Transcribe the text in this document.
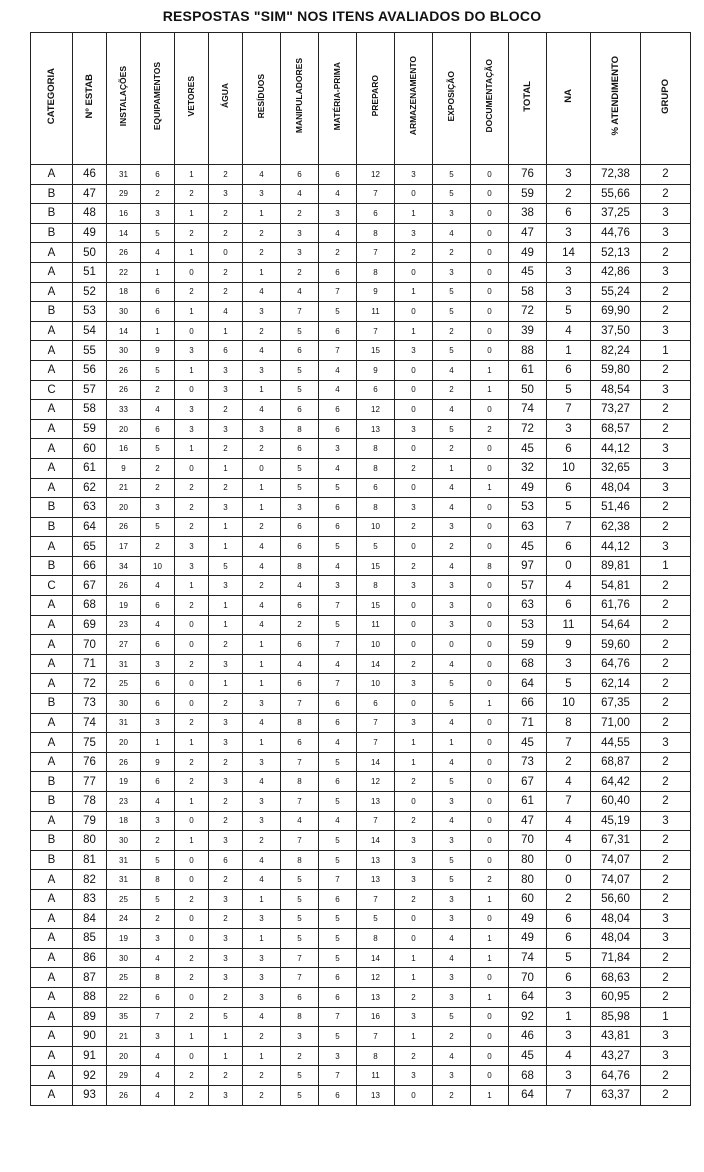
RESPOSTAS "SIM" NOS ITENS AVALIADOS DO BLOCO
CATEGORIA	Nº ESTAB	INSTALAÇÕES	EQUIPAMENTOS	VETORES	ÁGUA	RESÍDUOS	MANIPULADORES	MATÉRIA-PRIMA	PREPARO	ARMAZENAMENTO	EXPOSIÇÃO	DOCUMENTAÇÃO	TOTAL	NA	% ATENDIMENTO	GRUPO
A	46	31	6	1	2	4	6	6	12	3	5	0	76	3	72,38	2
B	47	29	2	2	3	3	4	4	7	0	5	0	59	2	55,66	2
B	48	16	3	1	2	1	2	3	6	1	3	0	38	6	37,25	3
B	49	14	5	2	2	2	3	4	8	3	4	0	47	3	44,76	3
A	50	26	4	1	0	2	3	2	7	2	2	0	49	14	52,13	2
A	51	22	1	0	2	1	2	6	8	0	3	0	45	3	42,86	3
A	52	18	6	2	2	4	4	7	9	1	5	0	58	3	55,24	2
B	53	30	6	1	4	3	7	5	11	0	5	0	72	5	69,90	2
A	54	14	1	0	1	2	5	6	7	1	2	0	39	4	37,50	3
A	55	30	9	3	6	4	6	7	15	3	5	0	88	1	82,24	1
A	56	26	5	1	3	3	5	4	9	0	4	1	61	6	59,80	2
C	57	26	2	0	3	1	5	4	6	0	2	1	50	5	48,54	3
A	58	33	4	3	2	4	6	6	12	0	4	0	74	7	73,27	2
A	59	20	6	3	3	3	8	6	13	3	5	2	72	3	68,57	2
A	60	16	5	1	2	2	6	3	8	0	2	0	45	6	44,12	3
A	61	9	2	0	1	0	5	4	8	2	1	0	32	10	32,65	3
A	62	21	2	2	2	1	5	5	6	0	4	1	49	6	48,04	3
B	63	20	3	2	3	1	3	6	8	3	4	0	53	5	51,46	2
B	64	26	5	2	1	2	6	6	10	2	3	0	63	7	62,38	2
A	65	17	2	3	1	4	6	5	5	0	2	0	45	6	44,12	3
B	66	34	10	3	5	4	8	4	15	2	4	8	97	0	89,81	1
C	67	26	4	1	3	2	4	3	8	3	3	0	57	4	54,81	2
A	68	19	6	2	1	4	6	7	15	0	3	0	63	6	61,76	2
A	69	23	4	0	1	4	2	5	11	0	3	0	53	11	54,64	2
A	70	27	6	0	2	1	6	7	10	0	0	0	59	9	59,60	2
A	71	31	3	2	3	1	4	4	14	2	4	0	68	3	64,76	2
A	72	25	6	0	1	1	6	7	10	3	5	0	64	5	62,14	2
B	73	30	6	0	2	3	7	6	6	0	5	1	66	10	67,35	2
A	74	31	3	2	3	4	8	6	7	3	4	0	71	8	71,00	2
A	75	20	1	1	3	1	6	4	7	1	1	0	45	7	44,55	3
A	76	26	9	2	2	3	7	5	14	1	4	0	73	2	68,87	2
B	77	19	6	2	3	4	8	6	12	2	5	0	67	4	64,42	2
B	78	23	4	1	2	3	7	5	13	0	3	0	61	7	60,40	2
A	79	18	3	0	2	3	4	4	7	2	4	0	47	4	45,19	3
B	80	30	2	1	3	2	7	5	14	3	3	0	70	4	67,31	2
B	81	31	5	0	6	4	8	5	13	3	5	0	80	0	74,07	2
A	82	31	8	0	2	4	5	7	13	3	5	2	80	0	74,07	2
A	83	25	5	2	3	1	5	6	7	2	3	1	60	2	56,60	2
A	84	24	2	0	2	3	5	5	5	0	3	0	49	6	48,04	3
A	85	19	3	0	3	1	5	5	8	0	4	1	49	6	48,04	3
A	86	30	4	2	3	3	7	5	14	1	4	1	74	5	71,84	2
A	87	25	8	2	3	3	7	6	12	1	3	0	70	6	68,63	2
A	88	22	6	0	2	3	6	6	13	2	3	1	64	3	60,95	2
A	89	35	7	2	5	4	8	7	16	3	5	0	92	1	85,98	1
A	90	21	3	1	1	2	3	5	7	1	2	0	46	3	43,81	3
A	91	20	4	0	1	1	2	3	8	2	4	0	45	4	43,27	3
A	92	29	4	2	2	2	5	7	11	3	3	0	68	3	64,76	2
A	93	26	4	2	3	2	5	6	13	0	2	1	64	7	63,37	2
